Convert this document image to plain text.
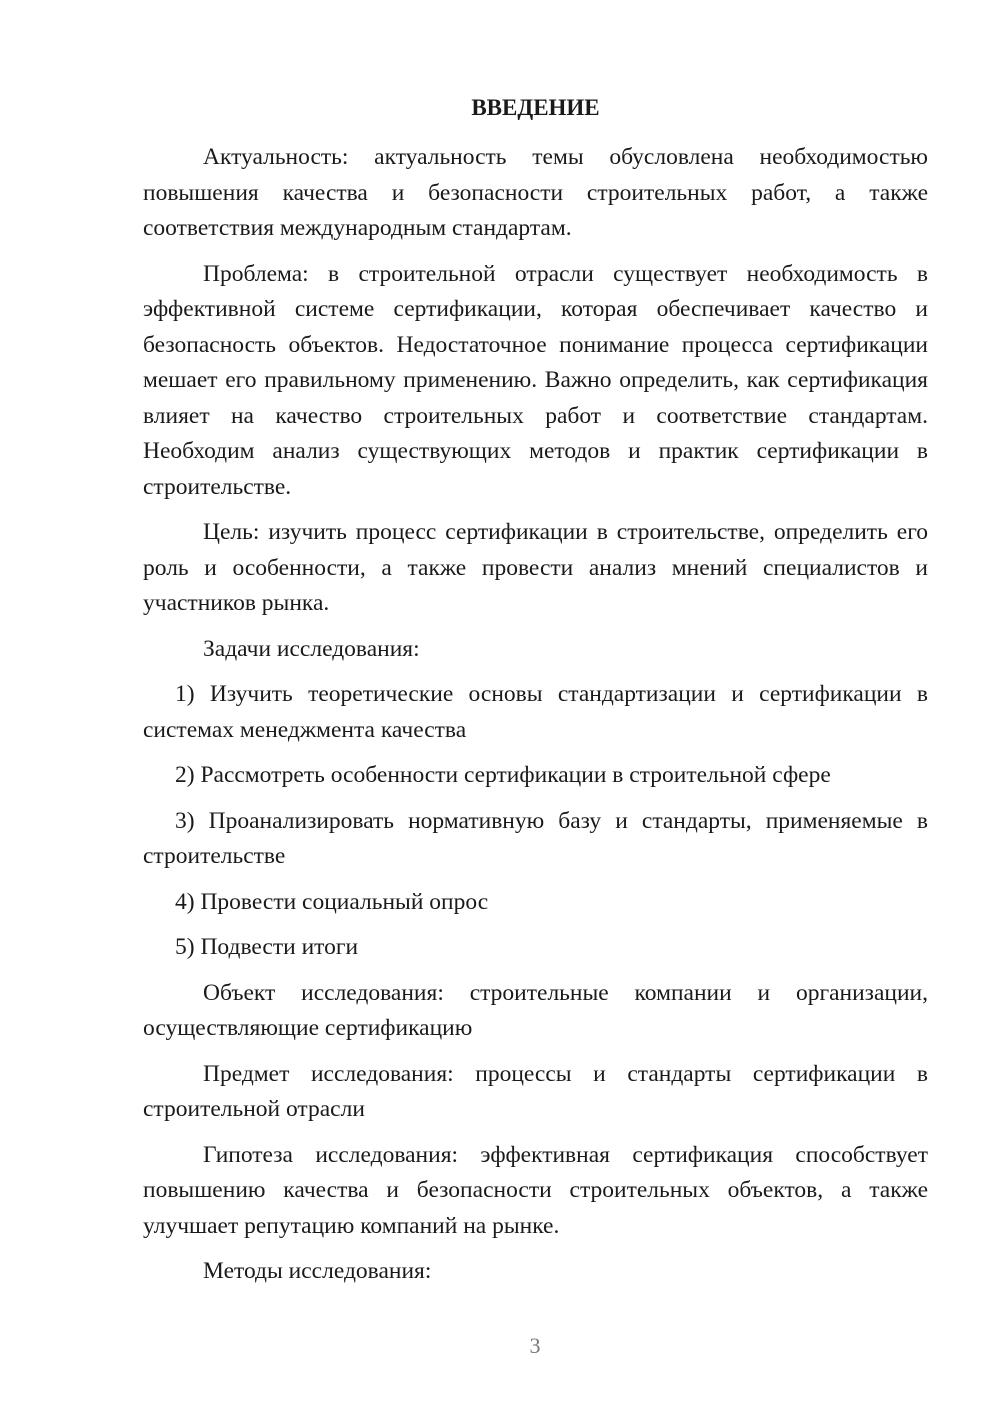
ВВЕДЕНИЕ
Актуальность: актуальность темы обусловлена необходимостью повышения качества и безопасности строительных работ, а также соответствия международным стандартам.
Проблема: в строительной отрасли существует необходимость в эффективной системе сертификации, которая обеспечивает качество и безопасность объектов. Недостаточное понимание процесса сертификации мешает его правильному применению. Важно определить, как сертификация влияет на качество строительных работ и соответствие стандартам. Необходим анализ существующих методов и практик сертификации в строительстве.
Цель: изучить процесс сертификации в строительстве, определить его роль и особенности, а также провести анализ мнений специалистов и участников рынка.
Задачи исследования:
1) Изучить теоретические основы стандартизации и сертификации в системах менеджмента качества
2) Рассмотреть особенности сертификации в строительной сфере
3) Проанализировать нормативную базу и стандарты, применяемые в строительстве
4) Провести социальный опрос
5) Подвести итоги
Объект исследования: строительные компании и организации, осуществляющие сертификацию
Предмет исследования: процессы и стандарты сертификации в строительной отрасли
Гипотеза исследования: эффективная сертификация способствует повышению качества и безопасности строительных объектов, а также улучшает репутацию компаний на рынке.
Методы исследования:
3
